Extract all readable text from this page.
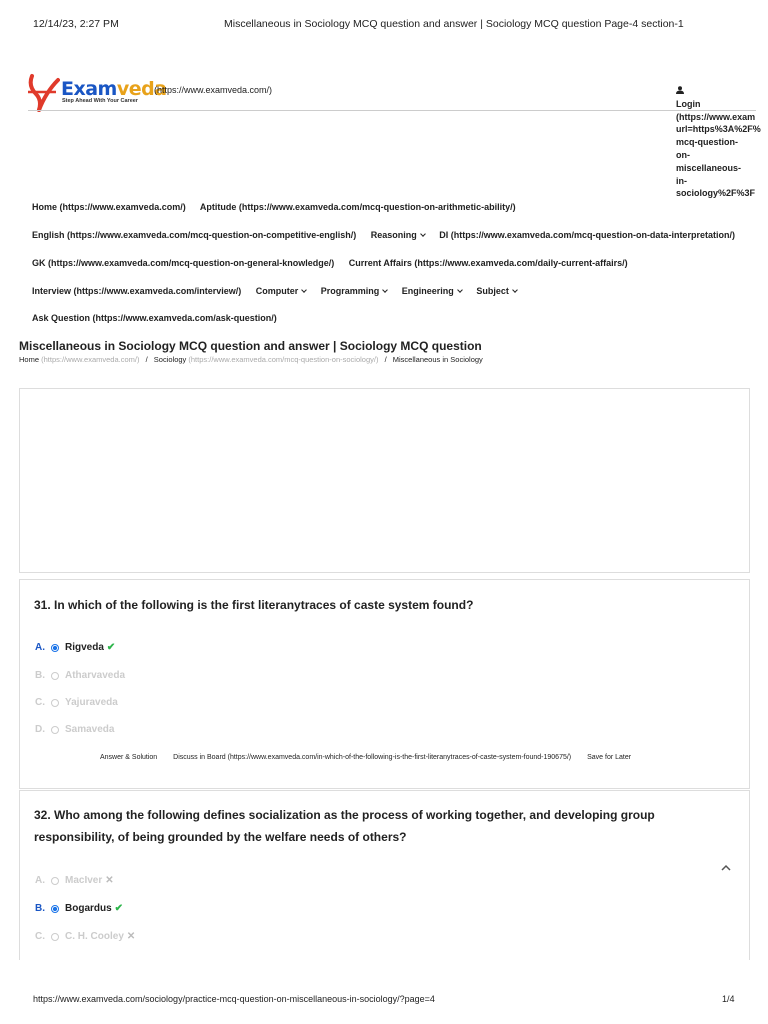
12/14/23, 2:27 PM	Miscellaneous in Sociology MCQ question and answer | Sociology MCQ question Page-4 section-1
Examveda
Step Ahead With Your Career
(https://www.examveda.com/)
Login
(https://www.exam
url=https%3A%2F%
mcq-question-
on-
miscellaneous-
in-
sociology%2F%3F
Home (https://www.examveda.com/) Aptitude (https://www.examveda.com/mcq-question-on-arithmetic-ability/)
English (https://www.examveda.com/mcq-question-on-competitive-english/) Reasoning	DI (https://www.examveda.com/mcq-question-on-data-interpretation/)
GK (https://www.examveda.com/mcq-question-on-general-knowledge/) Current Affairs (https://www.examveda.com/daily-current-affairs/)
Interview (https://www.examveda.com/interview/) Computer	Programming	Engineering	Subject
Ask Question (https://www.examveda.com/ask-question/)
Miscellaneous in Sociology MCQ question and answer | Sociology MCQ question
Home (https://www.examveda.com/) / Sociology (https://www.examveda.com/mcq-question-on-sociology/) / Miscellaneous in Sociology
31. In which of the following is the first literanytraces of caste system found?
A.	Rigveda ✔
B.	Atharvaveda
C.	Yajuraveda
D.	Samaveda
Answer & Solution Discuss in Board (https://www.examveda.com/in-which-of-the-following-is-the-first-literanytraces-of-caste-system-found-190675/) Save for Later
32. Who among the following defines socialization as the process of working together, and developing group responsibility, of being grounded by the welfare needs of others?
A.	MacIver ✕
B.	Bogardus ✔
C.	C. H. Cooley ✕
https://www.examveda.com/sociology/practice-mcq-question-on-miscellaneous-in-sociology/?page=4	1/4
